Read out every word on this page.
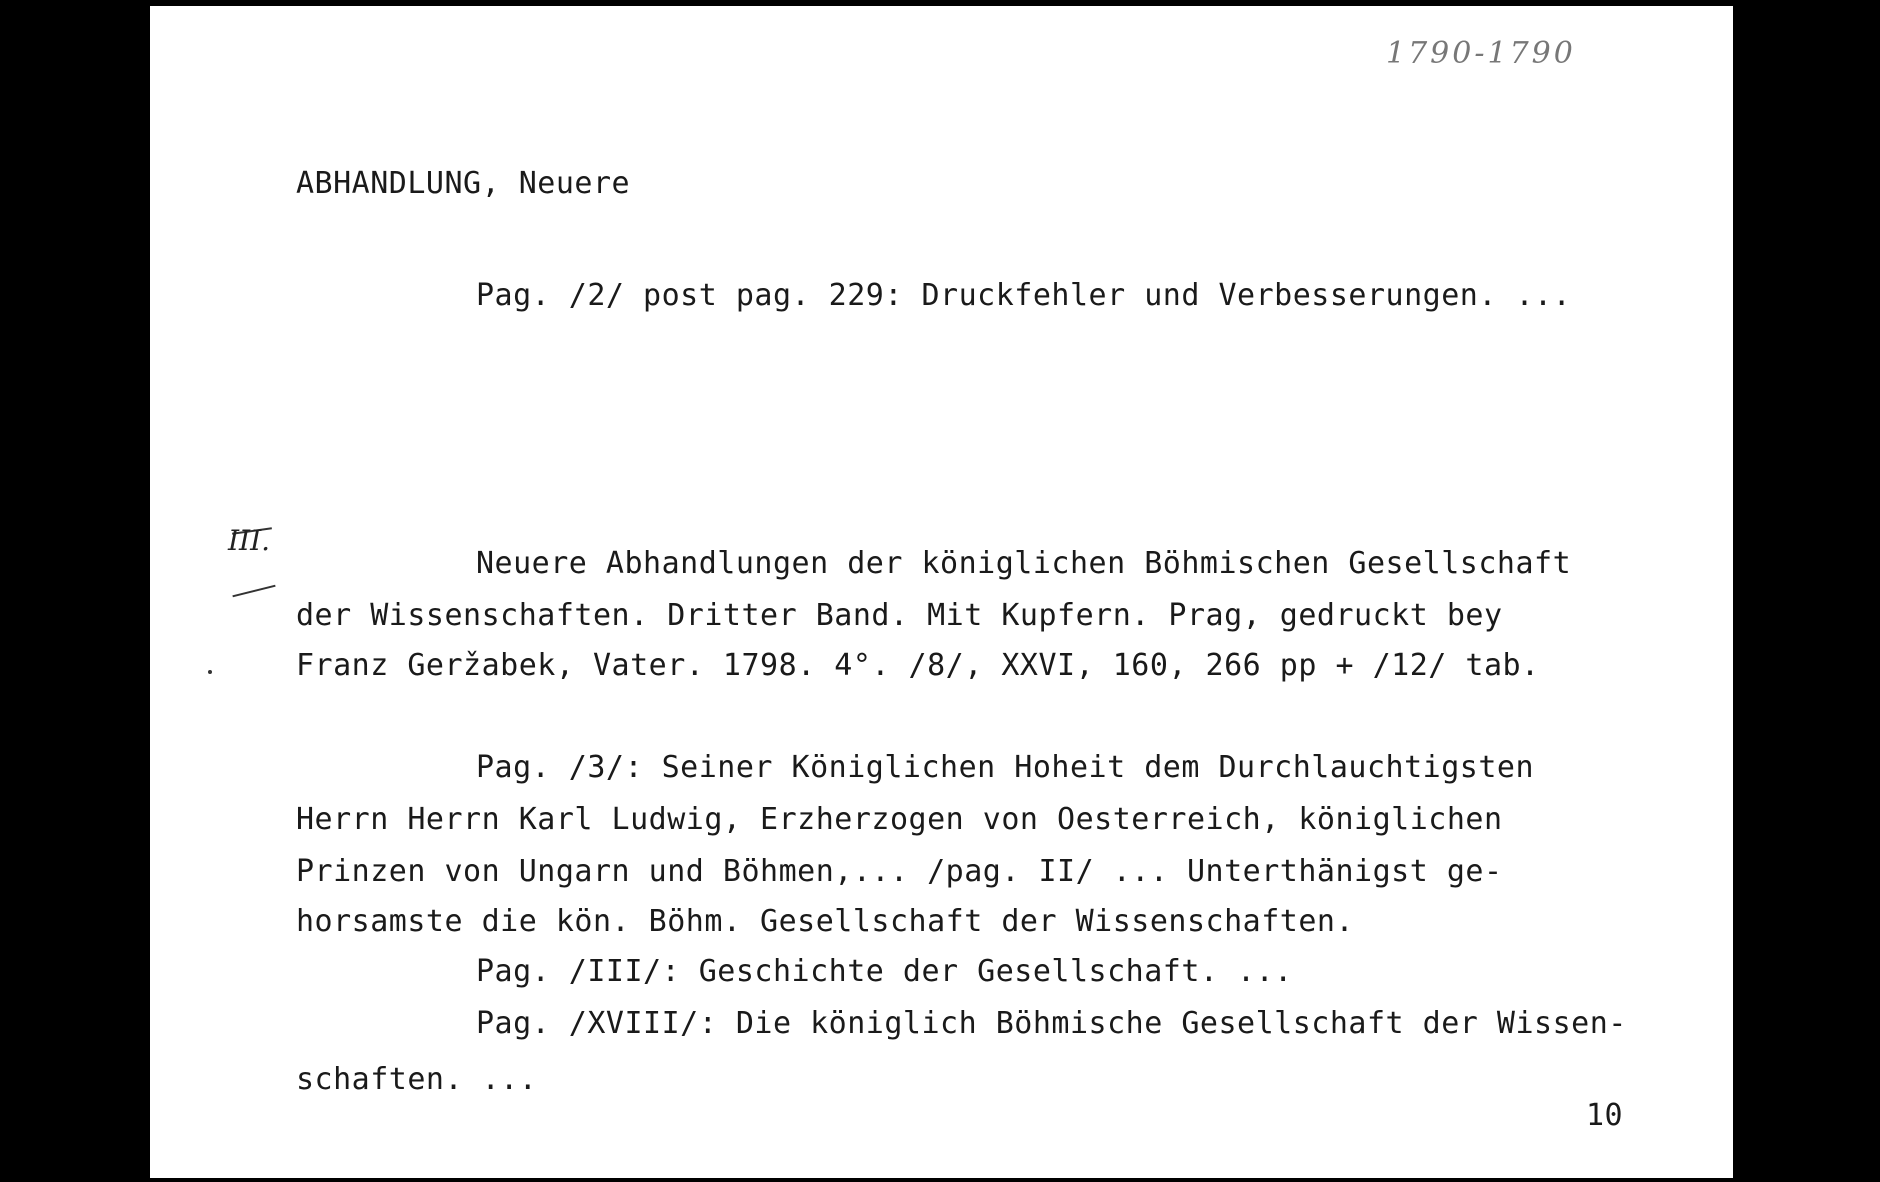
1790-1790
ABHANDLUNG, Neuere
Pag. /2/ post pag. 229: Druckfehler und Verbesserungen. ...
III.
Neuere Abhandlungen der königlichen Böhmischen Gesellschaft
der Wissenschaften. Dritter Band. Mit Kupfern. Prag, gedruckt bey
Franz Geržabek, Vater. 1798. 4°. /8/, XXVI, 160, 266 pp + /12/ tab.
Pag. /3/: Seiner Königlichen Hoheit dem Durchlauchtigsten
Herrn Herrn Karl Ludwig, Erzherzogen von Oesterreich, königlichen
Prinzen von Ungarn und Böhmen,... /pag. II/ ... Unterthänigst ge-
horsamste die kön. Böhm. Gesellschaft der Wissenschaften.
Pag. /III/: Geschichte der Gesellschaft. ...
Pag. /XVIII/: Die königlich Böhmische Gesellschaft der Wissen-
schaften. ...
10
